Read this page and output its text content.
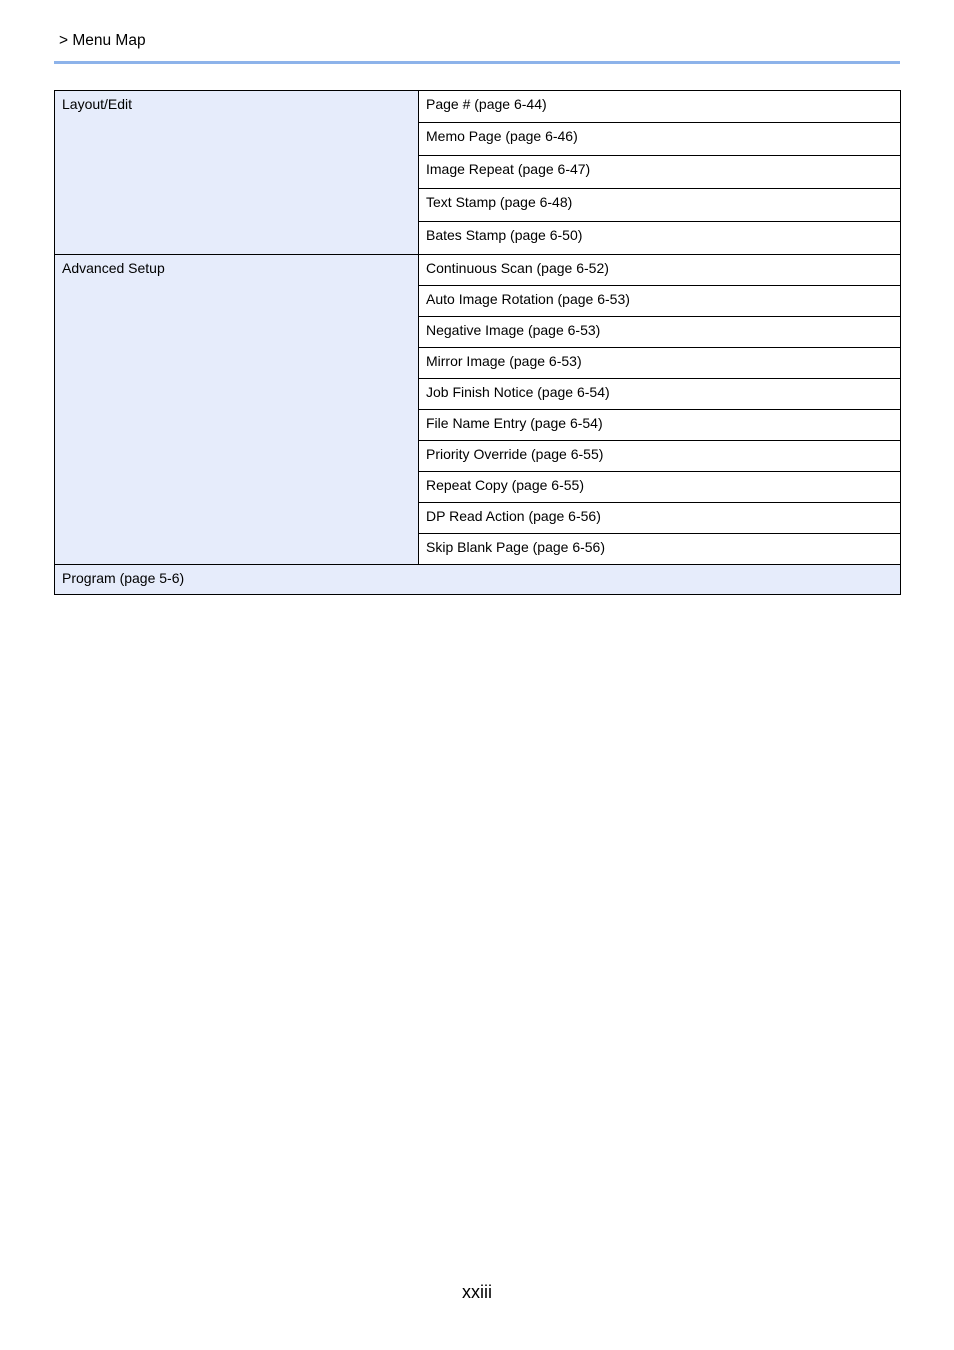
> Menu Map
Layout/Edit	Page # (page 6-44)
	Memo Page (page 6-46)
	Image Repeat (page 6-47)
	Text Stamp (page 6-48)
	Bates Stamp (page 6-50)
Advanced Setup	Continuous Scan (page 6-52)
	Auto Image Rotation (page 6-53)
	Negative Image (page 6-53)
	Mirror Image (page 6-53)
	Job Finish Notice (page 6-54)
	File Name Entry (page 6-54)
	Priority Override (page 6-55)
	Repeat Copy (page 6-55)
	DP Read Action (page 6-56)
	Skip Blank Page (page 6-56)
Program (page 5-6)	
xxiii
